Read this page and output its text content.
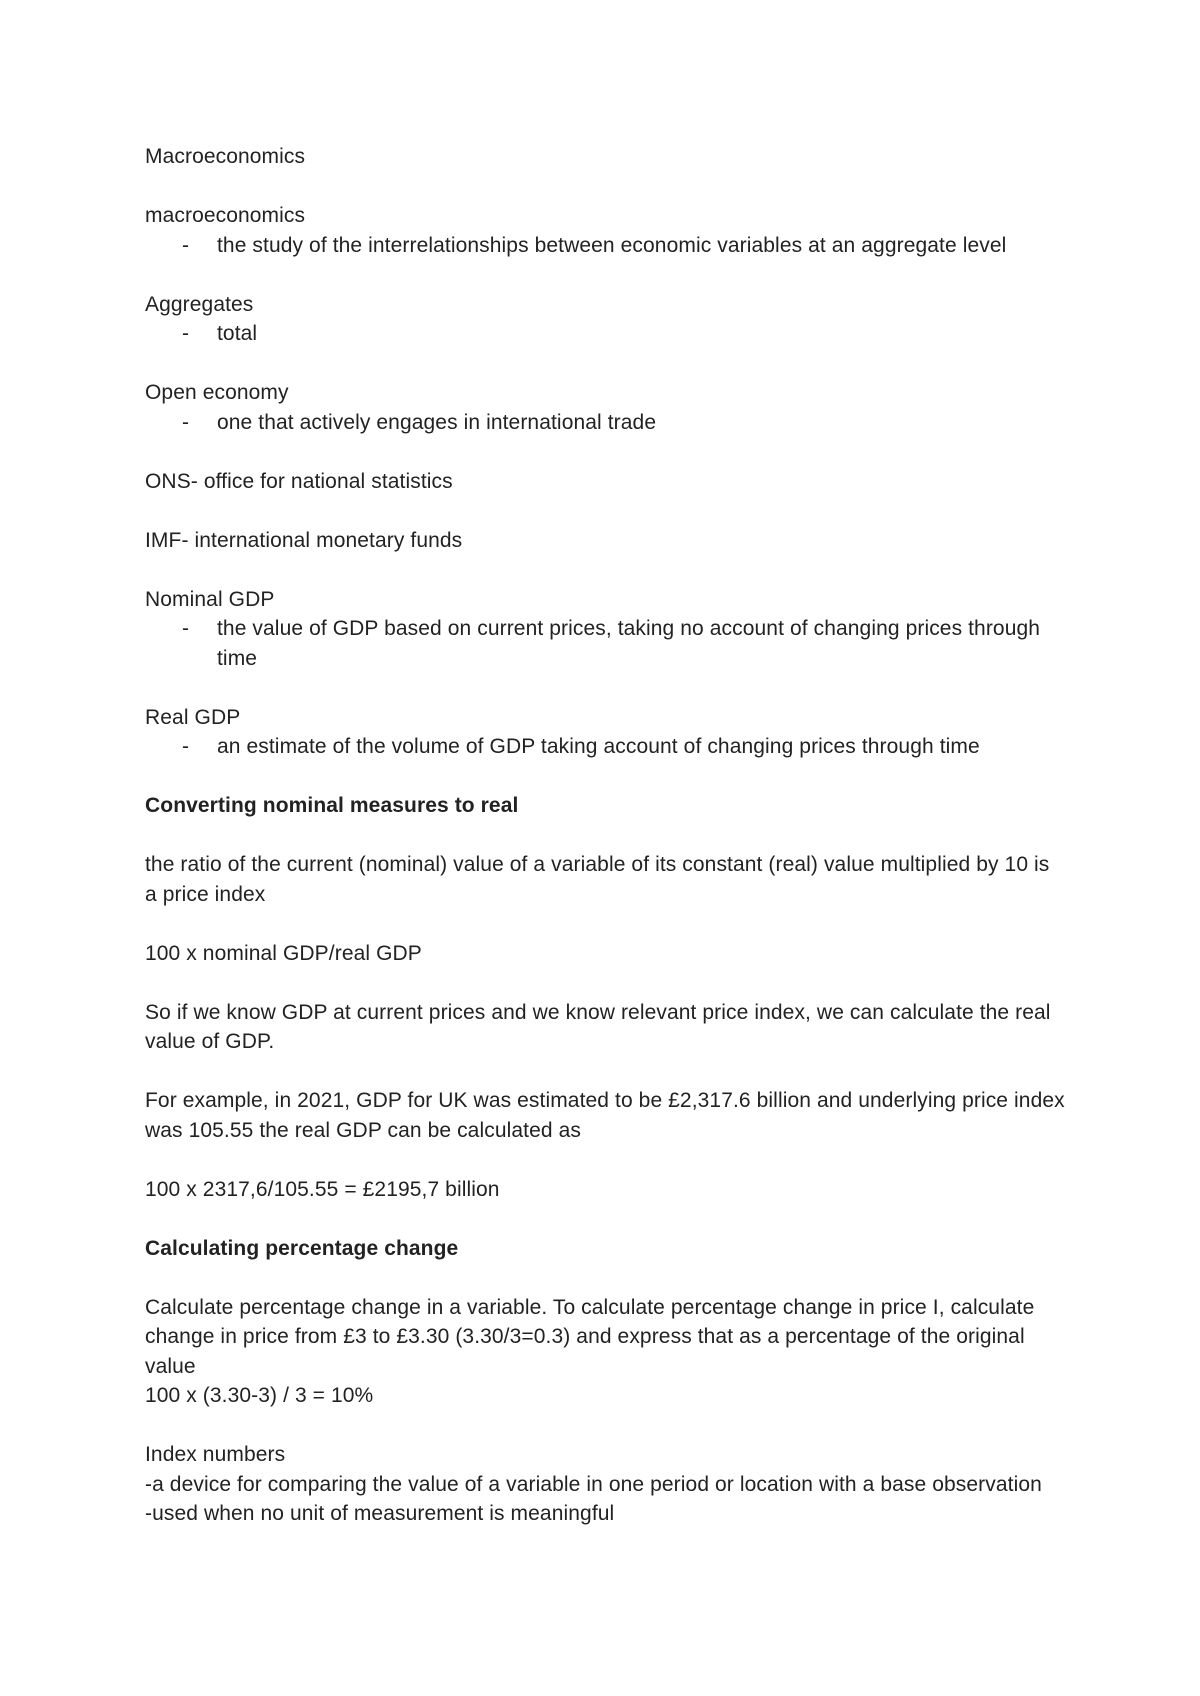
Macroeconomics

macroeconomics

-	the study of the interrelationships between economic variables at an aggregate level

Aggregates

-	total

Open economy

-	one that actively engages in international trade

ONS- office for national statistics

IMF- international monetary funds

Nominal GDP

-	the value of GDP based on current prices, taking no account of changing prices through time

Real GDP

-	an estimate of the volume of GDP taking account of changing prices through time

Converting nominal measures to real

the ratio of the current (nominal) value of a variable of its constant (real) value multiplied by 10 is a price index

100 x nominal GDP/real GDP

So if we know GDP at current prices and we know relevant price index, we can calculate the real value of GDP.

For example, in 2021, GDP for UK was estimated to be £2,317.6 billion and underlying price index was 105.55 the real GDP can be calculated as

100 x 2317,6/105.55 = £2195,7 billion

Calculating percentage change

Calculate percentage change in a variable. To calculate percentage change in price I, calculate change in price from £3 to £3.30 (3.30/3=0.3) and express that as a percentage of the original value

100 x (3.30-3) / 3 = 10%

Index numbers

-a device for comparing the value of a variable in one period or location with a base observation

-used when no unit of measurement is meaningful
